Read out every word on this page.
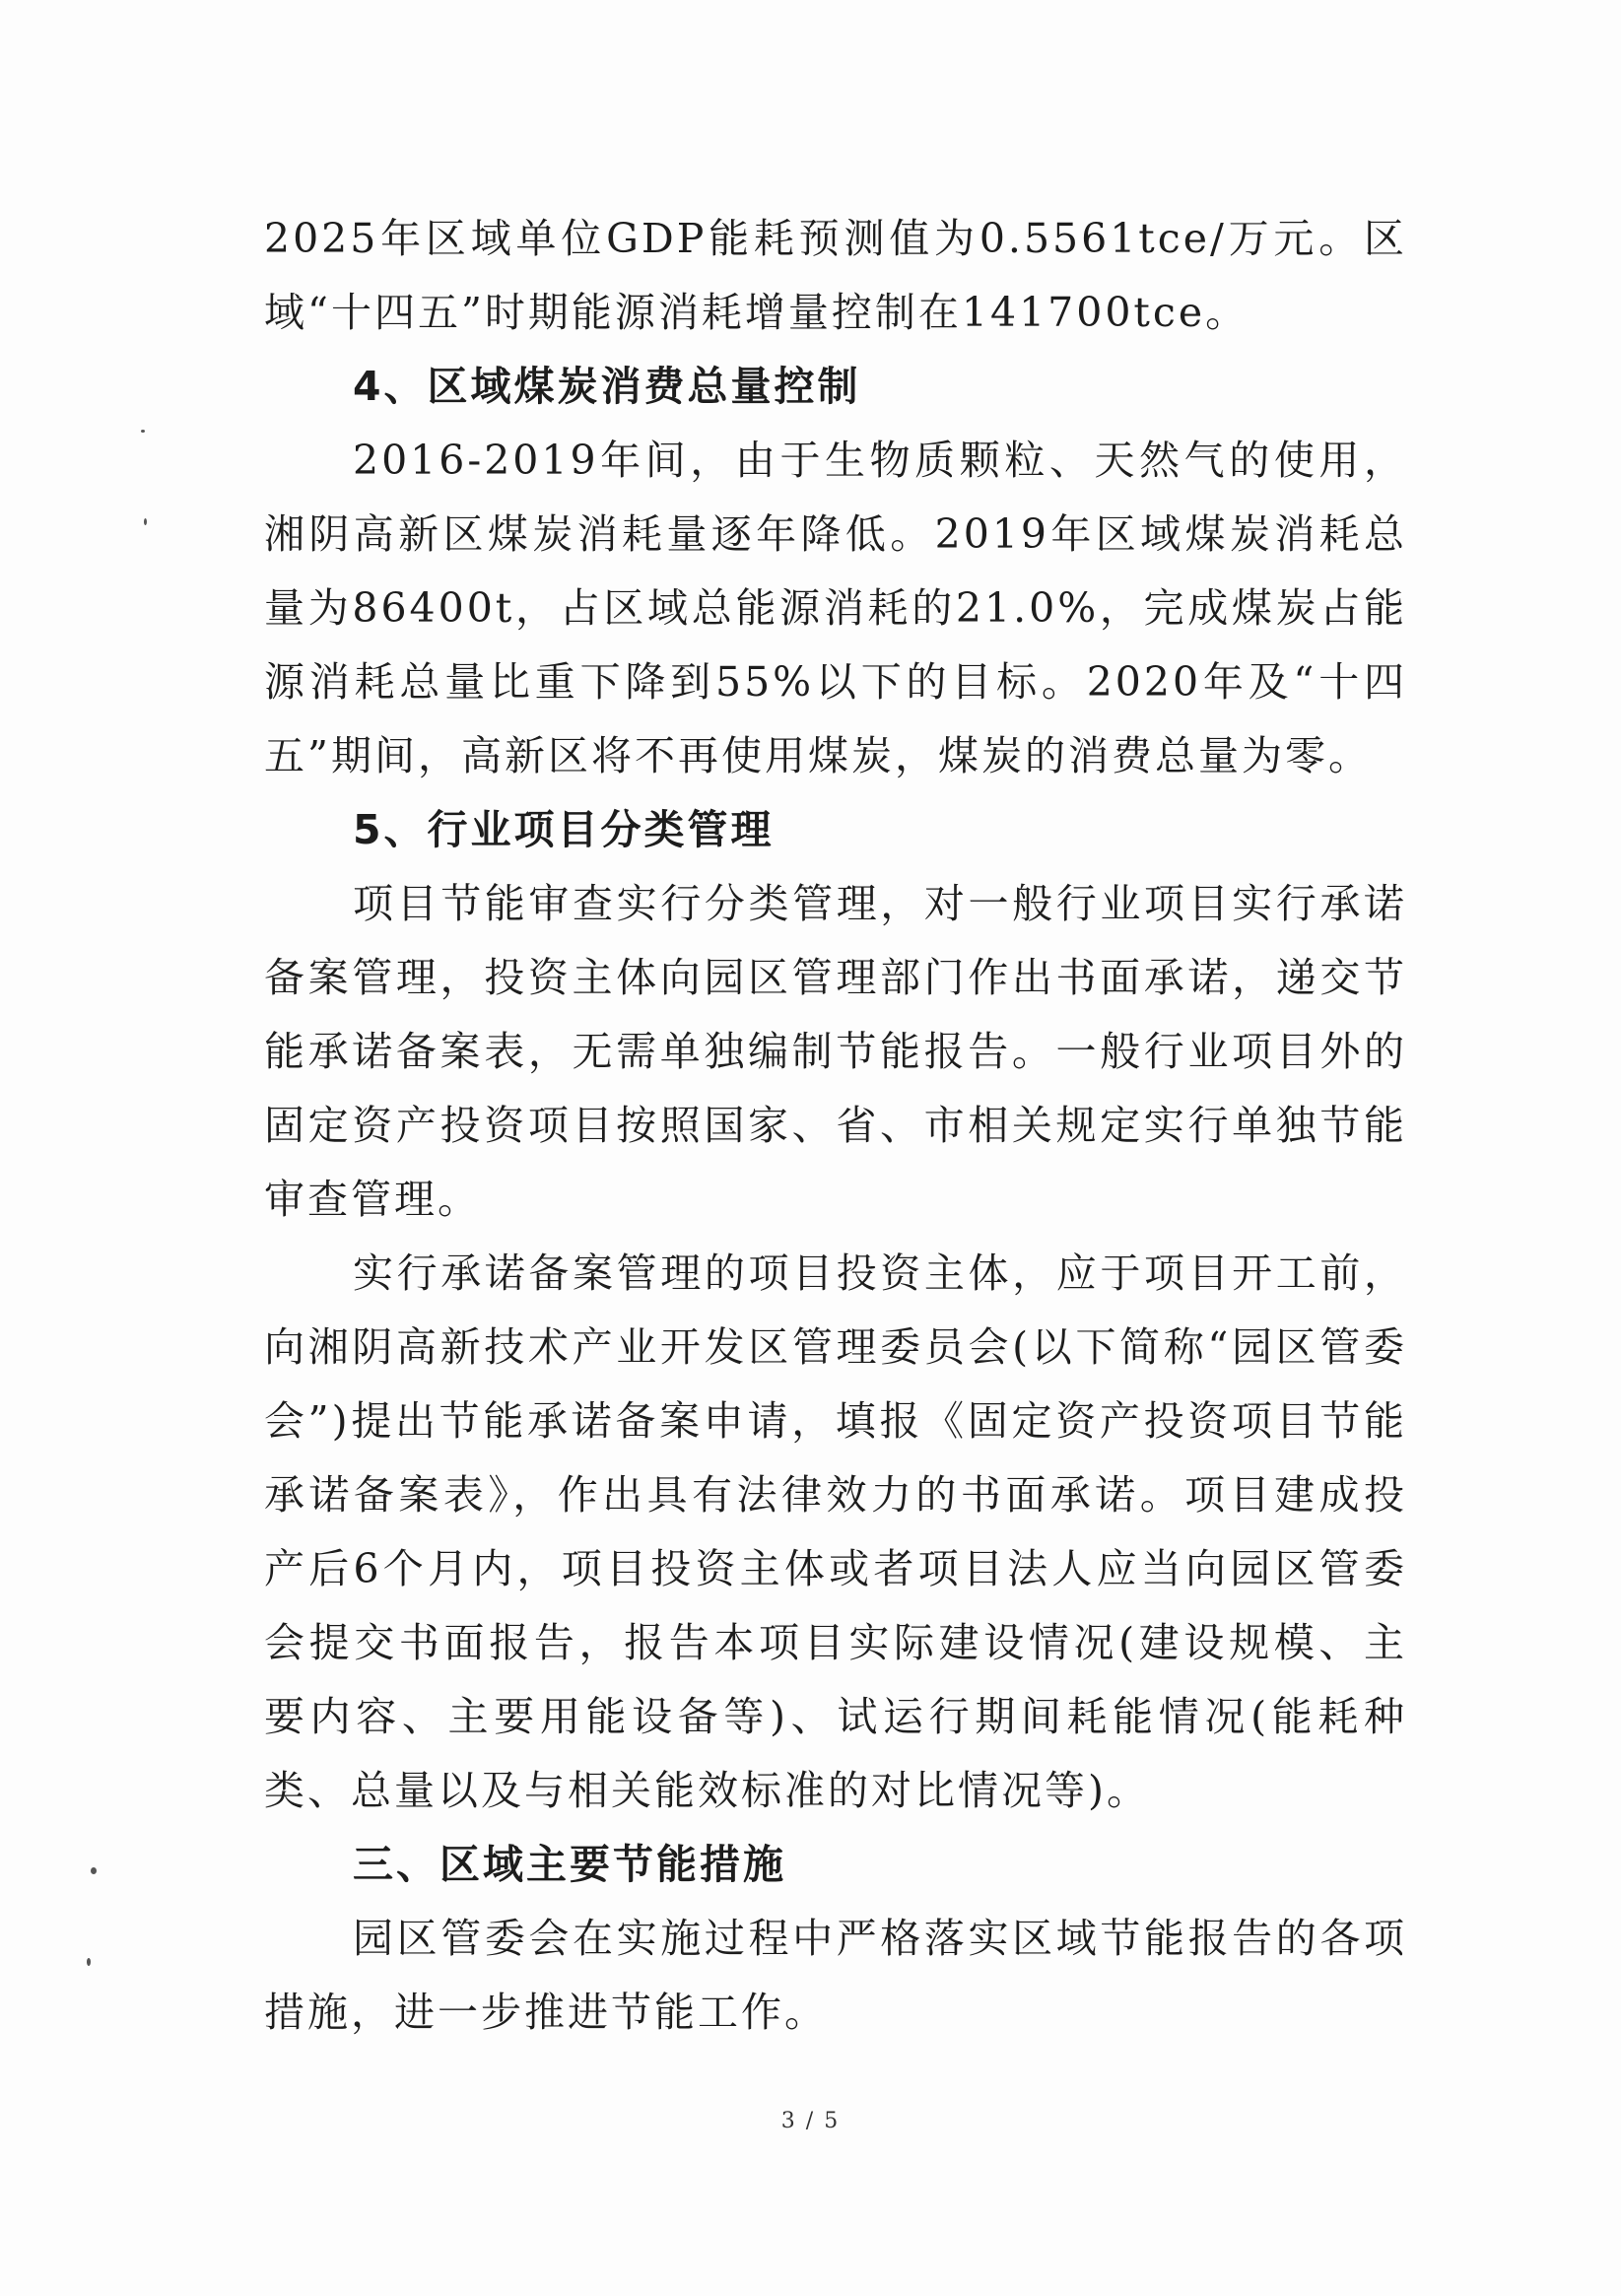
2025年区域单位GDP能耗预测值为0.5561tce/万元。区域“十四五”时期能源消耗增量控制在141700tce。

4、区域煤炭消费总量控制

2016-2019年间，由于生物质颗粒、天然气的使用，湘阴高新区煤炭消耗量逐年降低。2019年区域煤炭消耗总量为86400t，占区域总能源消耗的21.0%，完成煤炭占能源消耗总量比重下降到55%以下的目标。2020年及“十四五”期间，高新区将不再使用煤炭，煤炭的消费总量为零。

5、行业项目分类管理

项目节能审查实行分类管理，对一般行业项目实行承诺备案管理，投资主体向园区管理部门作出书面承诺，递交节能承诺备案表，无需单独编制节能报告。一般行业项目外的固定资产投资项目按照国家、省、市相关规定实行单独节能审查管理。

实行承诺备案管理的项目投资主体，应于项目开工前，向湘阴高新技术产业开发区管理委员会(以下简称“园区管委会”)提出节能承诺备案申请，填报《固定资产投资项目节能承诺备案表》，作出具有法律效力的书面承诺。项目建成投产后6个月内，项目投资主体或者项目法人应当向园区管委会提交书面报告，报告本项目实际建设情况(建设规模、主要内容、主要用能设备等)、试运行期间耗能情况(能耗种类、总量以及与相关能效标准的对比情况等)。

三、区域主要节能措施

园区管委会在实施过程中严格落实区域节能报告的各项措施，进一步推进节能工作。

3 / 5
